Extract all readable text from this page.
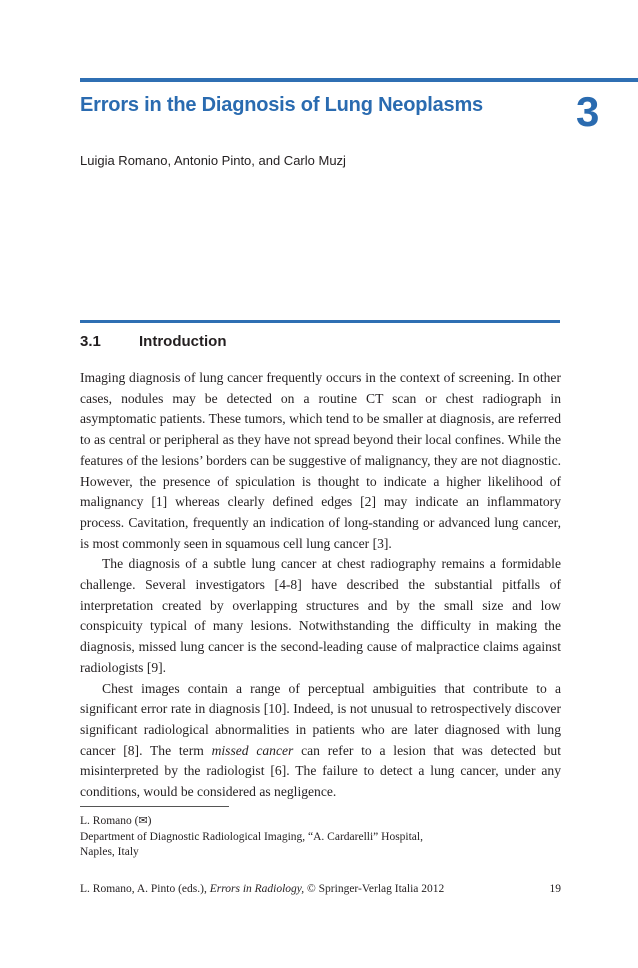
Errors in the Diagnosis of Lung Neoplasms 3
Luigia Romano, Antonio Pinto, and Carlo Muzj
3.1	Introduction

Imaging diagnosis of lung cancer frequently occurs in the context of screening. In other cases, nodules may be detected on a routine CT scan or chest radiograph in asymptomatic patients. These tumors, which tend to be smaller at diagnosis, are referred to as central or peripheral as they have not spread beyond their local confines. While the features of the lesions’ borders can be suggestive of malignancy, they are not diagnostic. However, the presence of spiculation is thought to indicate a higher likelihood of malignancy [1] whereas clearly defined edges [2] may indicate an inflammatory process. Cavitation, frequently an indication of long-standing or advanced lung cancer, is most commonly seen in squamous cell lung cancer [3].

The diagnosis of a subtle lung cancer at chest radiography remains a formidable challenge. Several investigators [4-8] have described the substantial pitfalls of interpretation created by overlapping structures and by the small size and low conspicuity typical of many lesions. Notwithstanding the difficulty in making the diagnosis, missed lung cancer is the second-leading cause of malpractice claims against radiologists [9].

Chest images contain a range of perceptual ambiguities that contribute to a significant error rate in diagnosis [10]. Indeed, is not unusual to retrospectively discover significant radiological abnormalities in patients who are later diagnosed with lung cancer [8]. The term missed cancer can refer to a lesion that was detected but misinterpreted by the radiologist [6]. The failure to detect a lung cancer, under any conditions, would be considered as negligence.

L. Romano (✉)
Department of Diagnostic Radiological Imaging, “A. Cardarelli” Hospital,
Naples, Italy
L. Romano, A. Pinto (eds.), Errors in Radiology, © Springer-Verlag Italia 2012	19
